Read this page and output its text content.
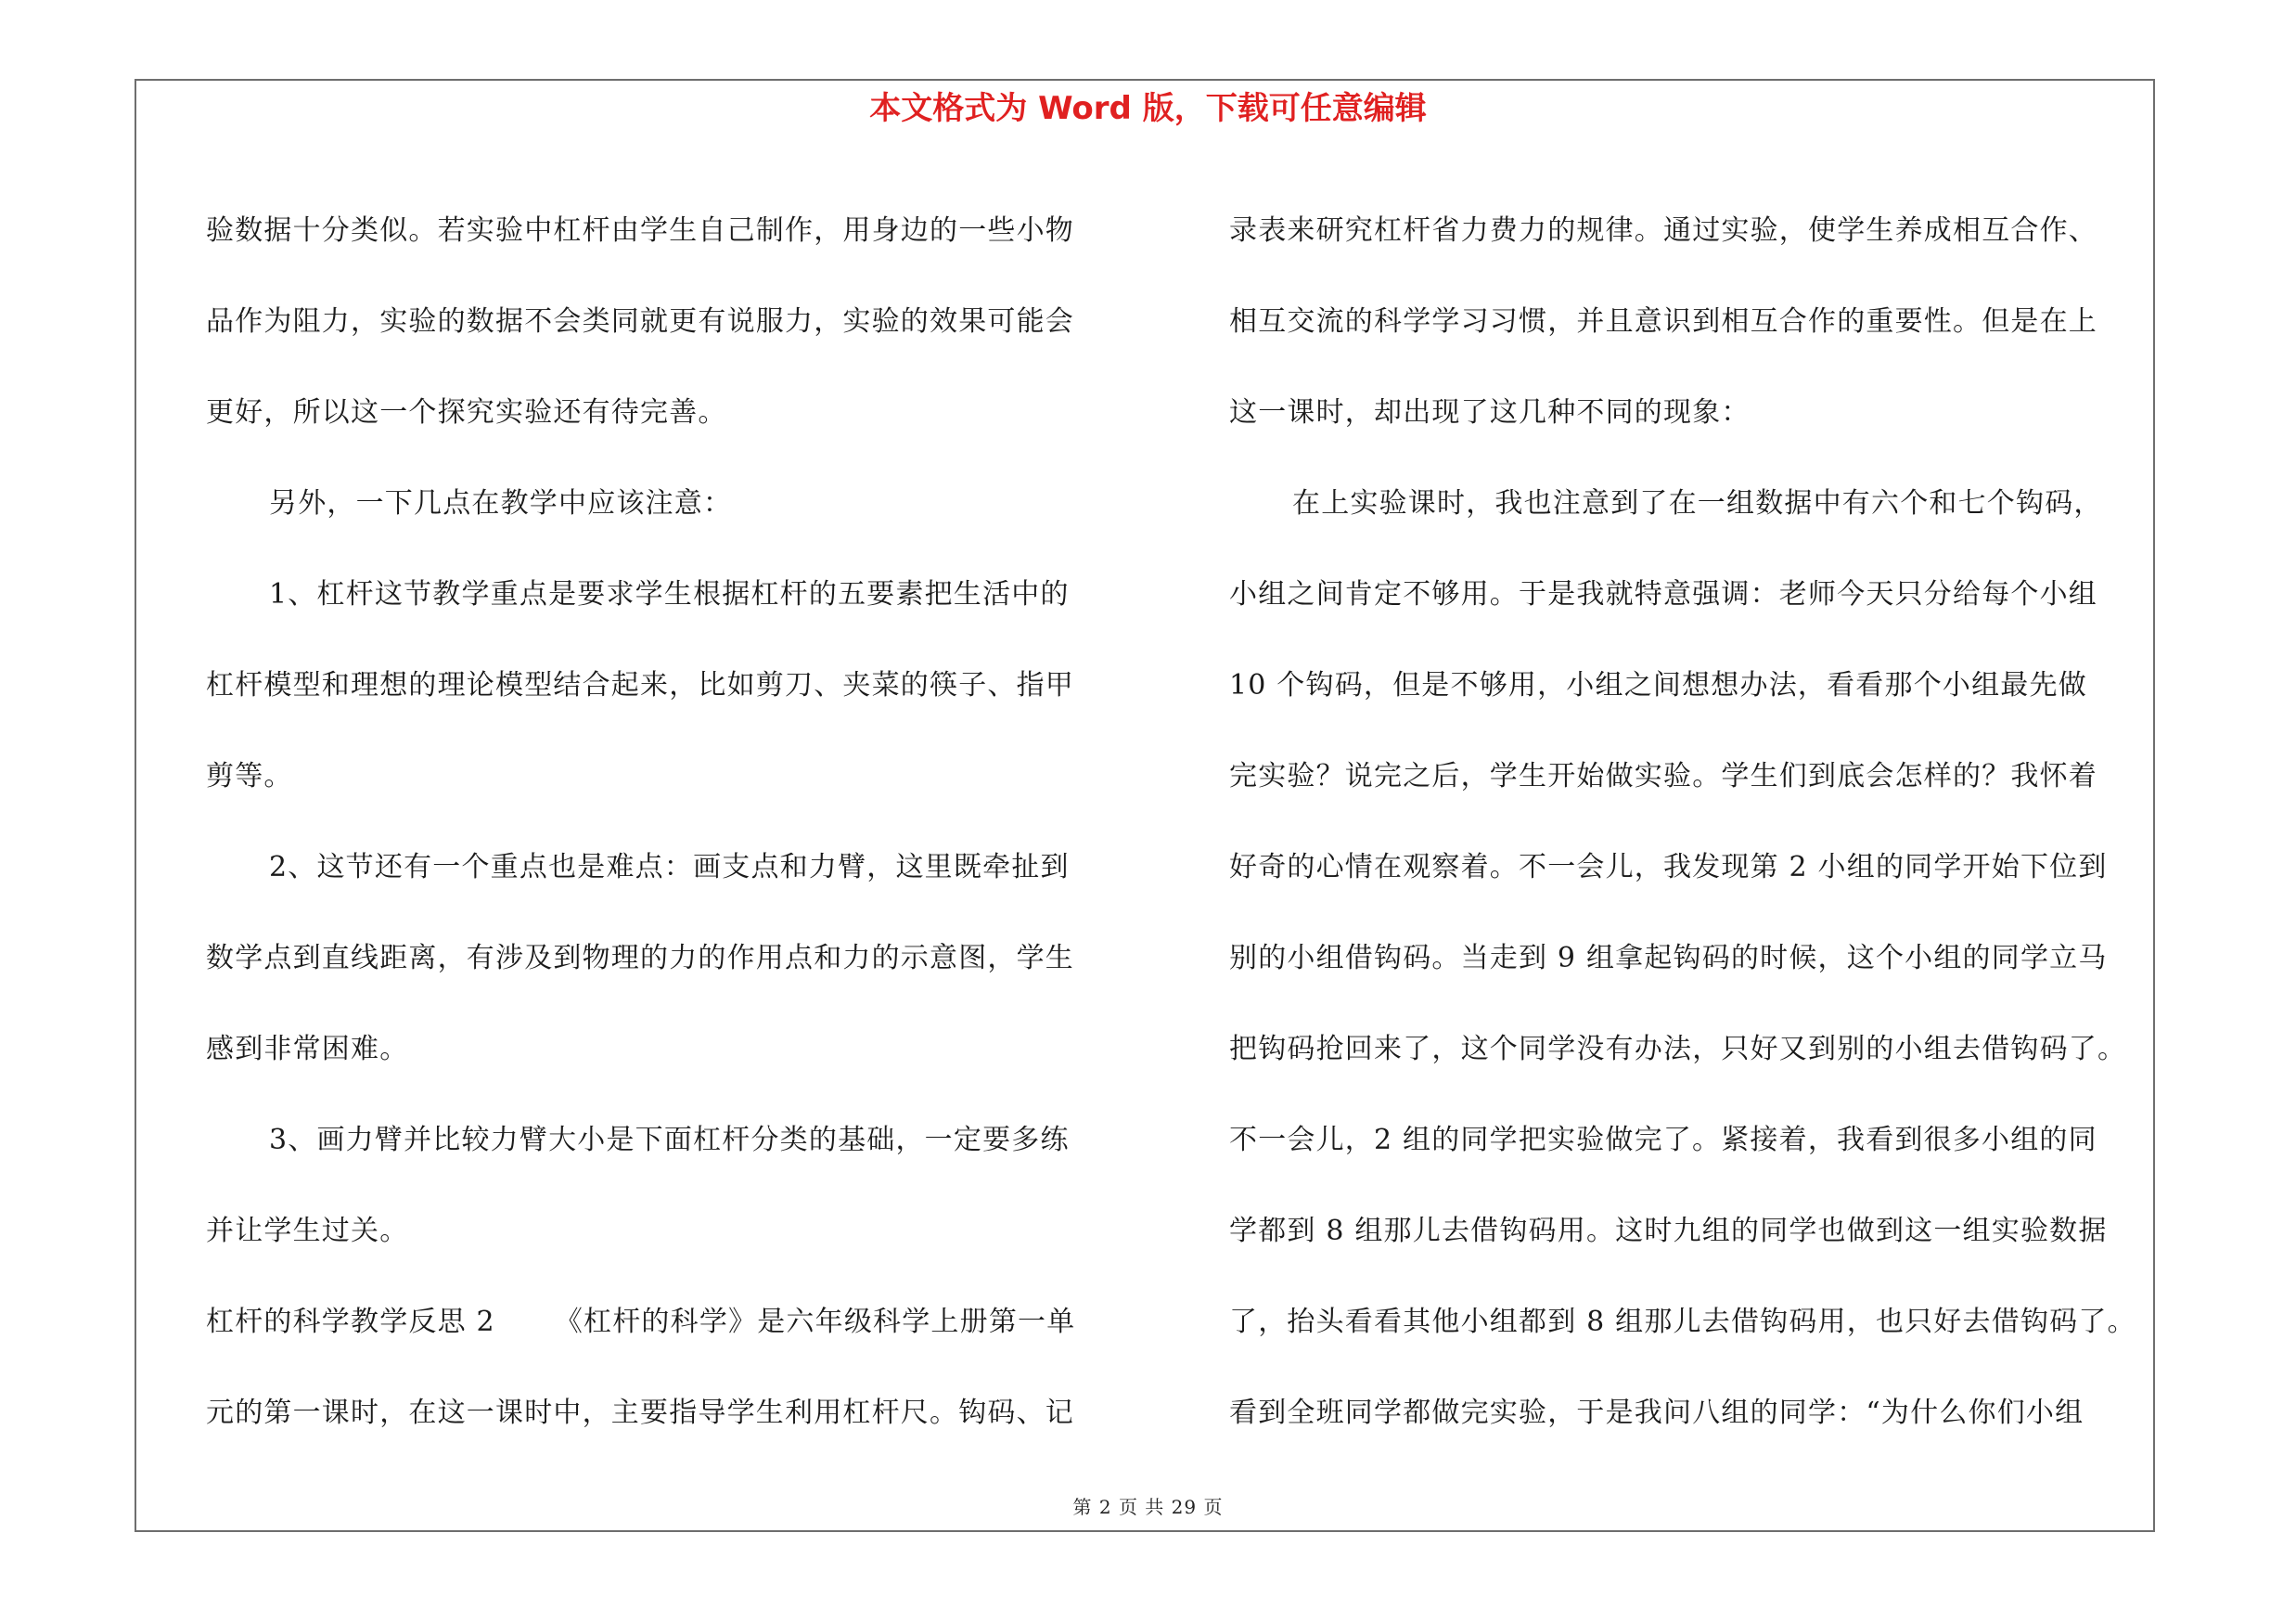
本文格式为 Word 版，下载可任意编辑
验数据十分类似。若实验中杠杆由学生自己制作，用身边的一些小物
品作为阻力，实验的数据不会类同就更有说服力，实验的效果可能会
更好，所以这一个探究实验还有待完善。
另外，一下几点在教学中应该注意：
1、杠杆这节教学重点是要求学生根据杠杆的五要素把生活中的
杠杆模型和理想的理论模型结合起来，比如剪刀、夹菜的筷子、指甲
剪等。
2、这节还有一个重点也是难点：画支点和力臂，这里既牵扯到
数学点到直线距离，有涉及到物理的力的作用点和力的示意图，学生
感到非常困难。
3、画力臂并比较力臂大小是下面杠杆分类的基础，一定要多练
并让学生过关。
杠杆的科学教学反思 2 《杠杆的科学》是六年级科学上册第一单
元的第一课时，在这一课时中，主要指导学生利用杠杆尺。钩码、记
录表来研究杠杆省力费力的规律。通过实验，使学生养成相互合作、
相互交流的科学学习习惯，并且意识到相互合作的重要性。但是在上
这一课时，却出现了这几种不同的现象：
在上实验课时，我也注意到了在一组数据中有六个和七个钩码，
小组之间肯定不够用。于是我就特意强调：老师今天只分给每个小组
10 个钩码，但是不够用，小组之间想想办法，看看那个小组最先做
完实验？说完之后，学生开始做实验。学生们到底会怎样的？我怀着
好奇的心情在观察着。不一会儿，我发现第 2 小组的同学开始下位到
别的小组借钩码。当走到 9 组拿起钩码的时候，这个小组的同学立马
把钩码抢回来了，这个同学没有办法，只好又到别的小组去借钩码了。
不一会儿，2 组的同学把实验做完了。紧接着，我看到很多小组的同
学都到 8 组那儿去借钩码用。这时九组的同学也做到这一组实验数据
了，抬头看看其他小组都到 8 组那儿去借钩码用，也只好去借钩码了。
看到全班同学都做完实验，于是我问八组的同学：“为什么你们小组
第 2 页 共 29 页
